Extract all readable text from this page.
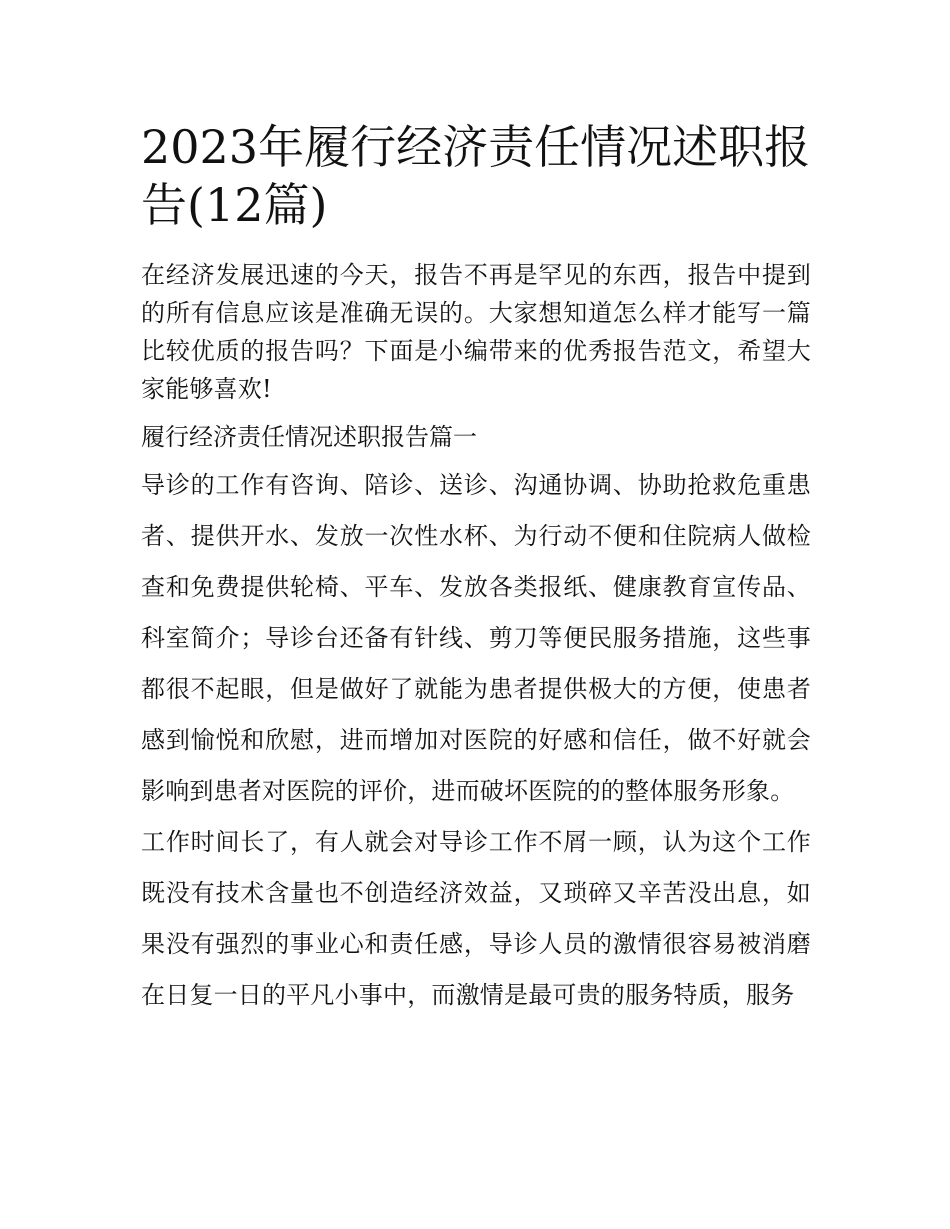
2023年履行经济责任情况述职报告(12篇)

在经济发展迅速的今天，报告不再是罕见的东西，报告中提到的所有信息应该是准确无误的。大家想知道怎么样才能写一篇比较优质的报告吗？下面是小编带来的优秀报告范文，希望大家能够喜欢!

履行经济责任情况述职报告篇一

导诊的工作有咨询、陪诊、送诊、沟通协调、协助抢救危重患者、提供开水、发放一次性水杯、为行动不便和住院病人做检查和免费提供轮椅、平车、发放各类报纸、健康教育宣传品、科室简介；导诊台还备有针线、剪刀等便民服务措施，这些事都很不起眼，但是做好了就能为患者提供极大的方便，使患者感到愉悦和欣慰，进而增加对医院的好感和信任，做不好就会影响到患者对医院的评价，进而破坏医院的的整体服务形象。

工作时间长了，有人就会对导诊工作不屑一顾，认为这个工作既没有技术含量也不创造经济效益，又琐碎又辛苦没出息，如果没有强烈的事业心和责任感，导诊人员的激情很容易被消磨在日复一日的平凡小事中，而激情是最可贵的服务特质，服务
